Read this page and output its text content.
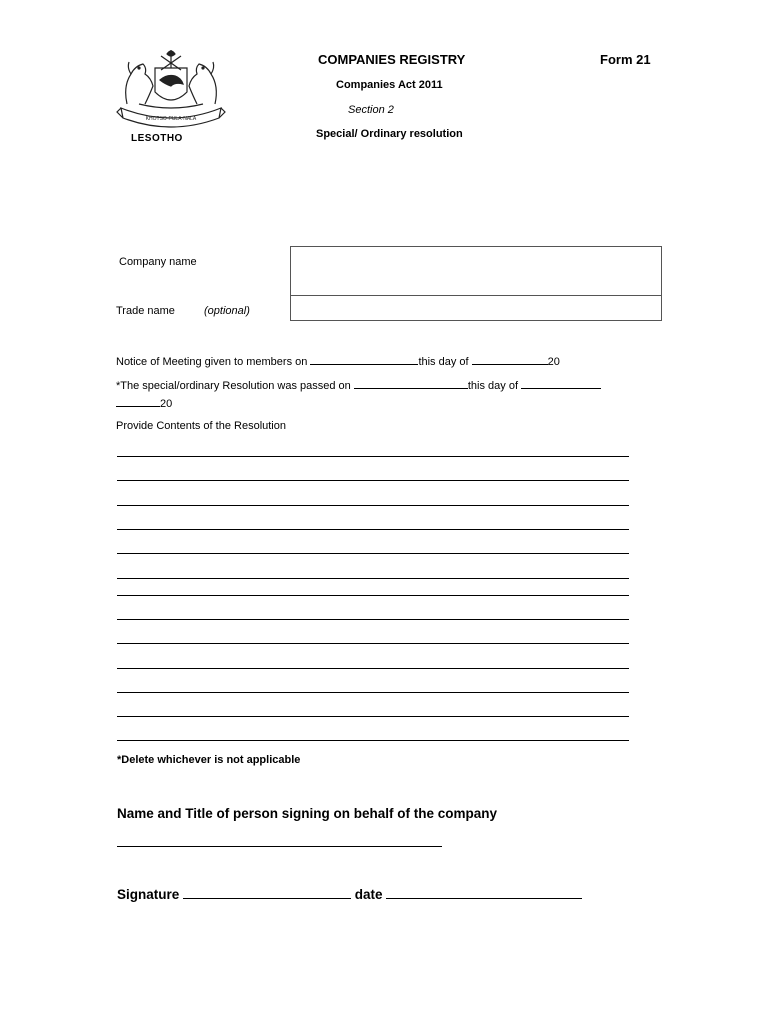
KHOTSO·PULA·NALA
LESOTHO
COMPANIES REGISTRY	Form 21
Companies Act 2011
Section 2
Special/ Ordinary resolution
Company name
Trade name	(optional)
Notice of Meeting given to members on	this day of	20
*The special/ordinary Resolution was passed on	this day of
20
Provide Contents of the Resolution
*Delete whichever is not applicable
Name and Title of person signing on behalf of the company
Signature	date
